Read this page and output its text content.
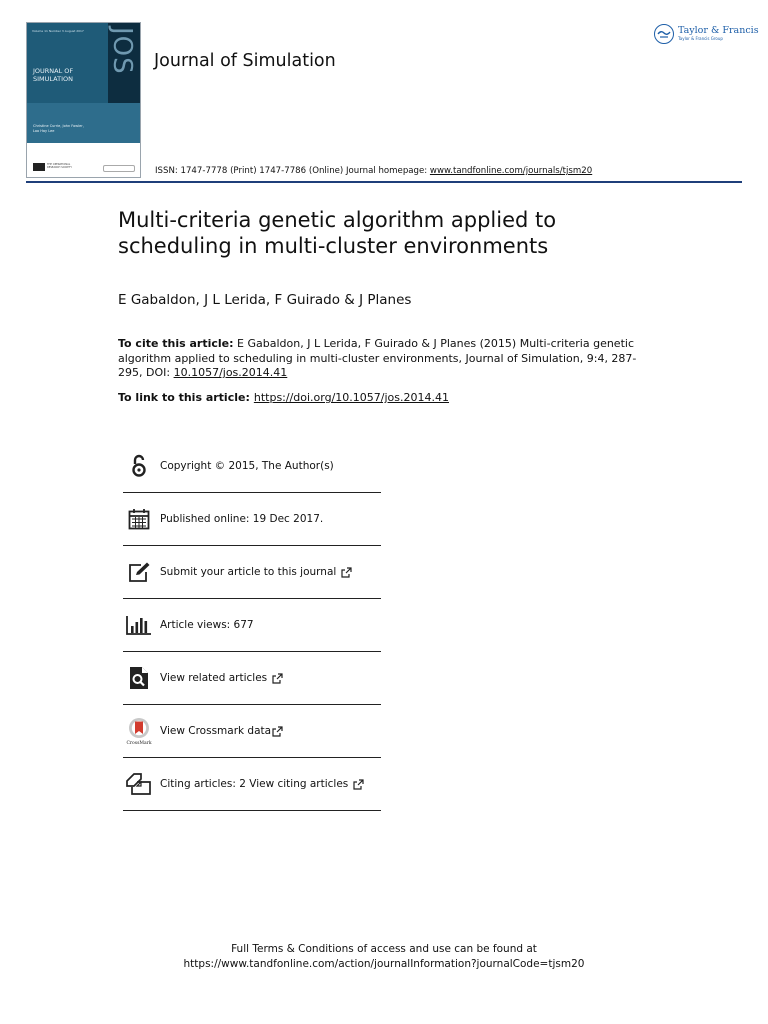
Volume 11 Number 3 August 2017
JOURNAL OF
SIMULATION
JOS
Christine Currie, John Fowler,
Loo Hay Lee
THE OPERATIONAL RESEARCH SOCIETY
Journal of Simulation
ISSN: 1747-7778 (Print) 1747-7786 (Online) Journal homepage: www.tandfonline.com/journals/tjsm20
Taylor & Francis
Taylor & Francis Group
Multi-criteria genetic algorithm applied to
scheduling in multi-cluster environments
E Gabaldon, J L Lerida, F Guirado & J Planes
To cite this article: E Gabaldon, J L Lerida, F Guirado & J Planes (2015) Multi-criteria genetic algorithm applied to scheduling in multi-cluster environments, Journal of Simulation, 9:4, 287-295, DOI: 10.1057/jos.2014.41
To link to this article: https://doi.org/10.1057/jos.2014.41
Copyright © 2015, The Author(s)
Published online: 19 Dec 2017.
Submit your article to this journal
Article views: 677
View related articles
CrossMark
View Crossmark data
Citing articles: 2 View citing articles
Full Terms & Conditions of access and use can be found at
https://www.tandfonline.com/action/journalInformation?journalCode=tjsm20
